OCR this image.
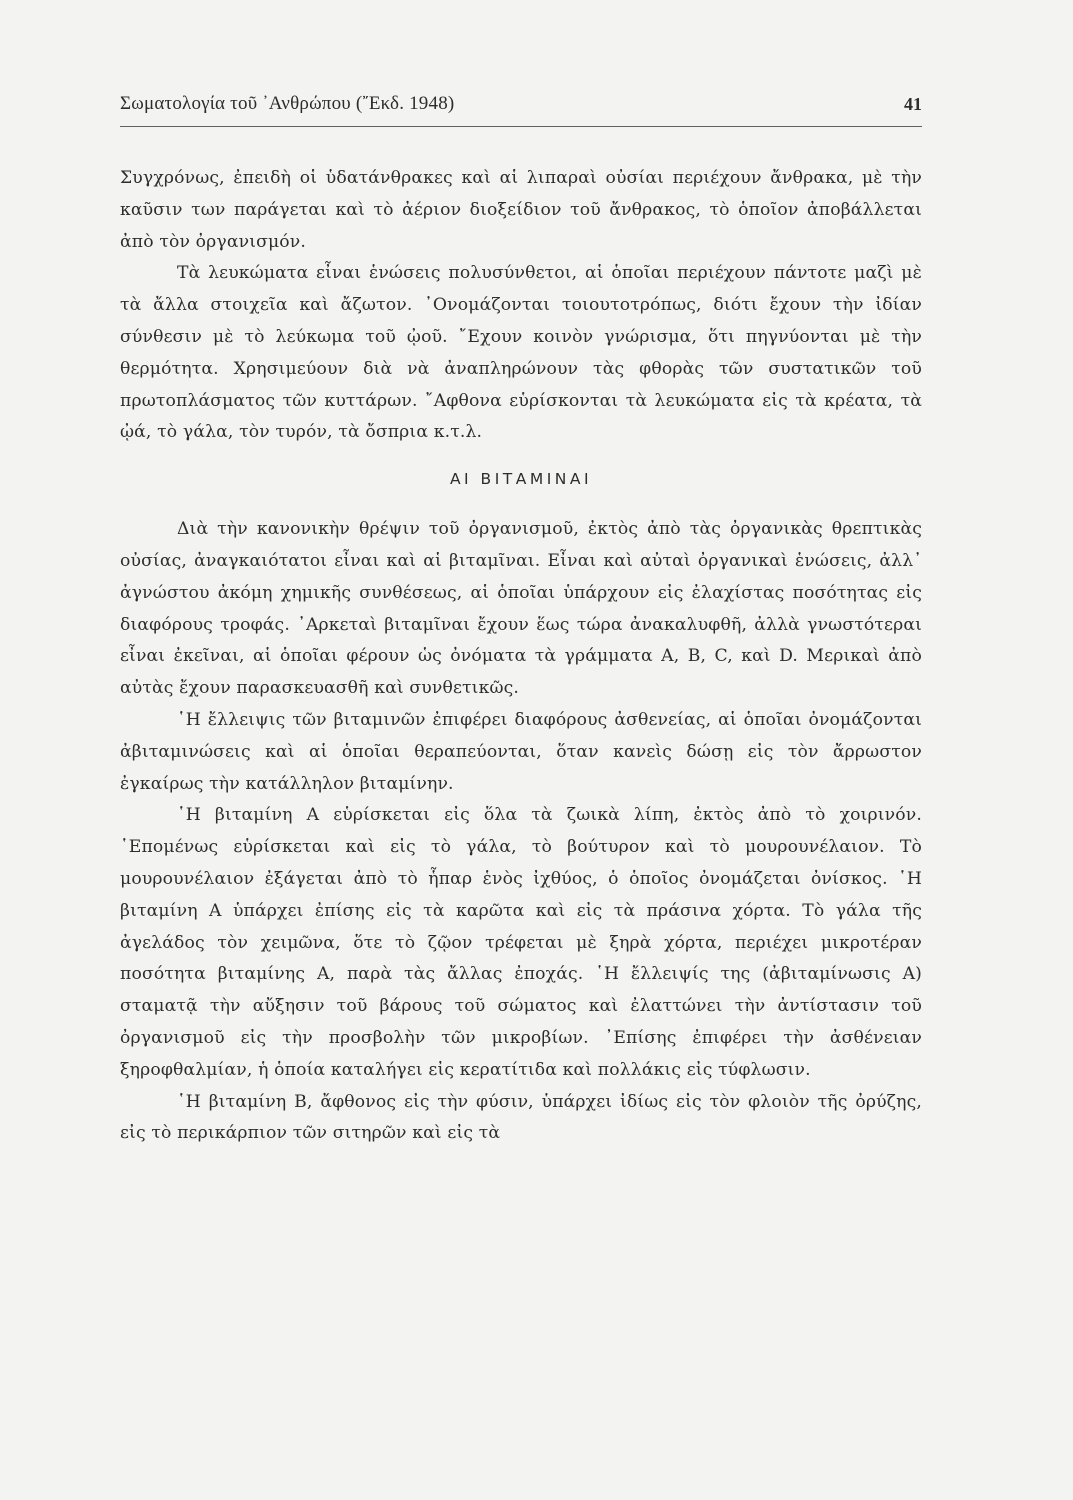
Σωματολογία τοῦ ᾿Ανθρώπου (῎Εκδ. 1948)	41

Συγχρόνως, ἐπειδὴ οἱ ὑδατάνθρακες καὶ αἱ λιπαραὶ οὐσίαι περιέχουν ἄνθρακα, μὲ τὴν καῦσιν των παράγεται καὶ τὸ ἀέριον διοξείδιον τοῦ ἄνθρακος, τὸ ὁποῖον ἀποβάλλεται ἀπὸ τὸν ὀργανισμόν.

Τὰ λευκώματα εἶναι ἑνώσεις πολυσύνθετοι, αἱ ὁποῖαι περιέχουν πάντοτε μαζὶ μὲ τὰ ἄλλα στοιχεῖα καὶ ἄζωτον. ᾿Ονομάζονται τοιουτοτρόπως, διότι ἔχουν τὴν ἰδίαν σύνθεσιν μὲ τὸ λεύκωμα τοῦ ᾠοῦ. ῎Εχουν κοινὸν γνώρισμα, ὅτι πηγνύονται μὲ τὴν θερμότητα. Χρησιμεύουν διὰ νὰ ἀναπληρώνουν τὰς φθορὰς τῶν συστατικῶν τοῦ πρωτοπλάσματος τῶν κυττάρων. ῎Αφθονα εὑρίσκονται τὰ λευκώματα εἰς τὰ κρέατα, τὰ ᾠά, τὸ γάλα, τὸν τυρόν, τὰ ὄσπρια κ.τ.λ.

ΑΙ ΒΙΤΑΜΙΝΑΙ

Διὰ τὴν κανονικὴν θρέψιν τοῦ ὀργανισμοῦ, ἐκτὸς ἀπὸ τὰς ὀργανικὰς θρεπτικὰς οὐσίας, ἀναγκαιότατοι εἶναι καὶ αἱ βιταμῖναι. Εἶναι καὶ αὐταὶ ὀργανικαὶ ἑνώσεις, ἀλλ᾿ ἀγνώστου ἀκόμη χημικῆς συνθέσεως, αἱ ὁποῖαι ὑπάρχουν εἰς ἐλαχίστας ποσότητας εἰς διαφόρους τροφάς. ᾿Αρκεταὶ βιταμῖναι ἔχουν ἕως τώρα ἀνακαλυφθῆ, ἀλλὰ γνωστότεραι εἶναι ἐκεῖναι, αἱ ὁποῖαι φέρουν ὡς ὀνόματα τὰ γράμματα Α, Β, C, καὶ D. Μερικαὶ ἀπὸ αὐτὰς ἔχουν παρασκευασθῆ καὶ συνθετικῶς.

῾Η ἔλλειψις τῶν βιταμινῶν ἐπιφέρει διαφόρους ἀσθενείας, αἱ ὁποῖαι ὀνομάζονται ἀβιταμινώσεις καὶ αἱ ὁποῖαι θεραπεύονται, ὅταν κανεὶς δώσῃ εἰς τὸν ἄρρωστον ἐγκαίρως τὴν κατάλληλον βιταμίνην.

῾Η βιταμίνη Α εὑρίσκεται εἰς ὅλα τὰ ζωικὰ λίπη, ἐκτὸς ἀπὸ τὸ χοιρινόν. ῾Επομένως εὑρίσκεται καὶ εἰς τὸ γάλα, τὸ βούτυρον καὶ τὸ μουρουνέλαιον. Τὸ μουρουνέλαιον ἐξάγεται ἀπὸ τὸ ἧπαρ ἑνὸς ἰχθύος, ὁ ὁποῖος ὀνομάζεται ὀνίσκος. ῾Η βιταμίνη Α ὑπάρχει ἐπίσης εἰς τὰ καρῶτα καὶ εἰς τὰ πράσινα χόρτα. Τὸ γάλα τῆς ἀγελάδος τὸν χειμῶνα, ὅτε τὸ ζῷον τρέφεται μὲ ξηρὰ χόρτα, περιέχει μικροτέραν ποσότητα βιταμίνης Α, παρὰ τὰς ἄλλας ἐποχάς. ῾Η ἔλλειψίς της (ἀβιταμίνωσις Α) σταματᾷ τὴν αὔξησιν τοῦ βάρους τοῦ σώματος καὶ ἐλαττώνει τὴν ἀντίστασιν τοῦ ὀργανισμοῦ εἰς τὴν προσβολὴν τῶν μικροβίων. ᾿Επίσης ἐπιφέρει τὴν ἀσθένειαν ξηροφθαλμίαν, ἡ ὁποία καταλήγει εἰς κερατίτιδα καὶ πολλάκις εἰς τύφλωσιν.

῾Η βιταμίνη Β, ἄφθονος εἰς τὴν φύσιν, ὑπάρχει ἰδίως εἰς τὸν φλοιὸν τῆς ὀρύζης, εἰς τὸ περικάρπιον τῶν σιτηρῶν καὶ εἰς τὰ
